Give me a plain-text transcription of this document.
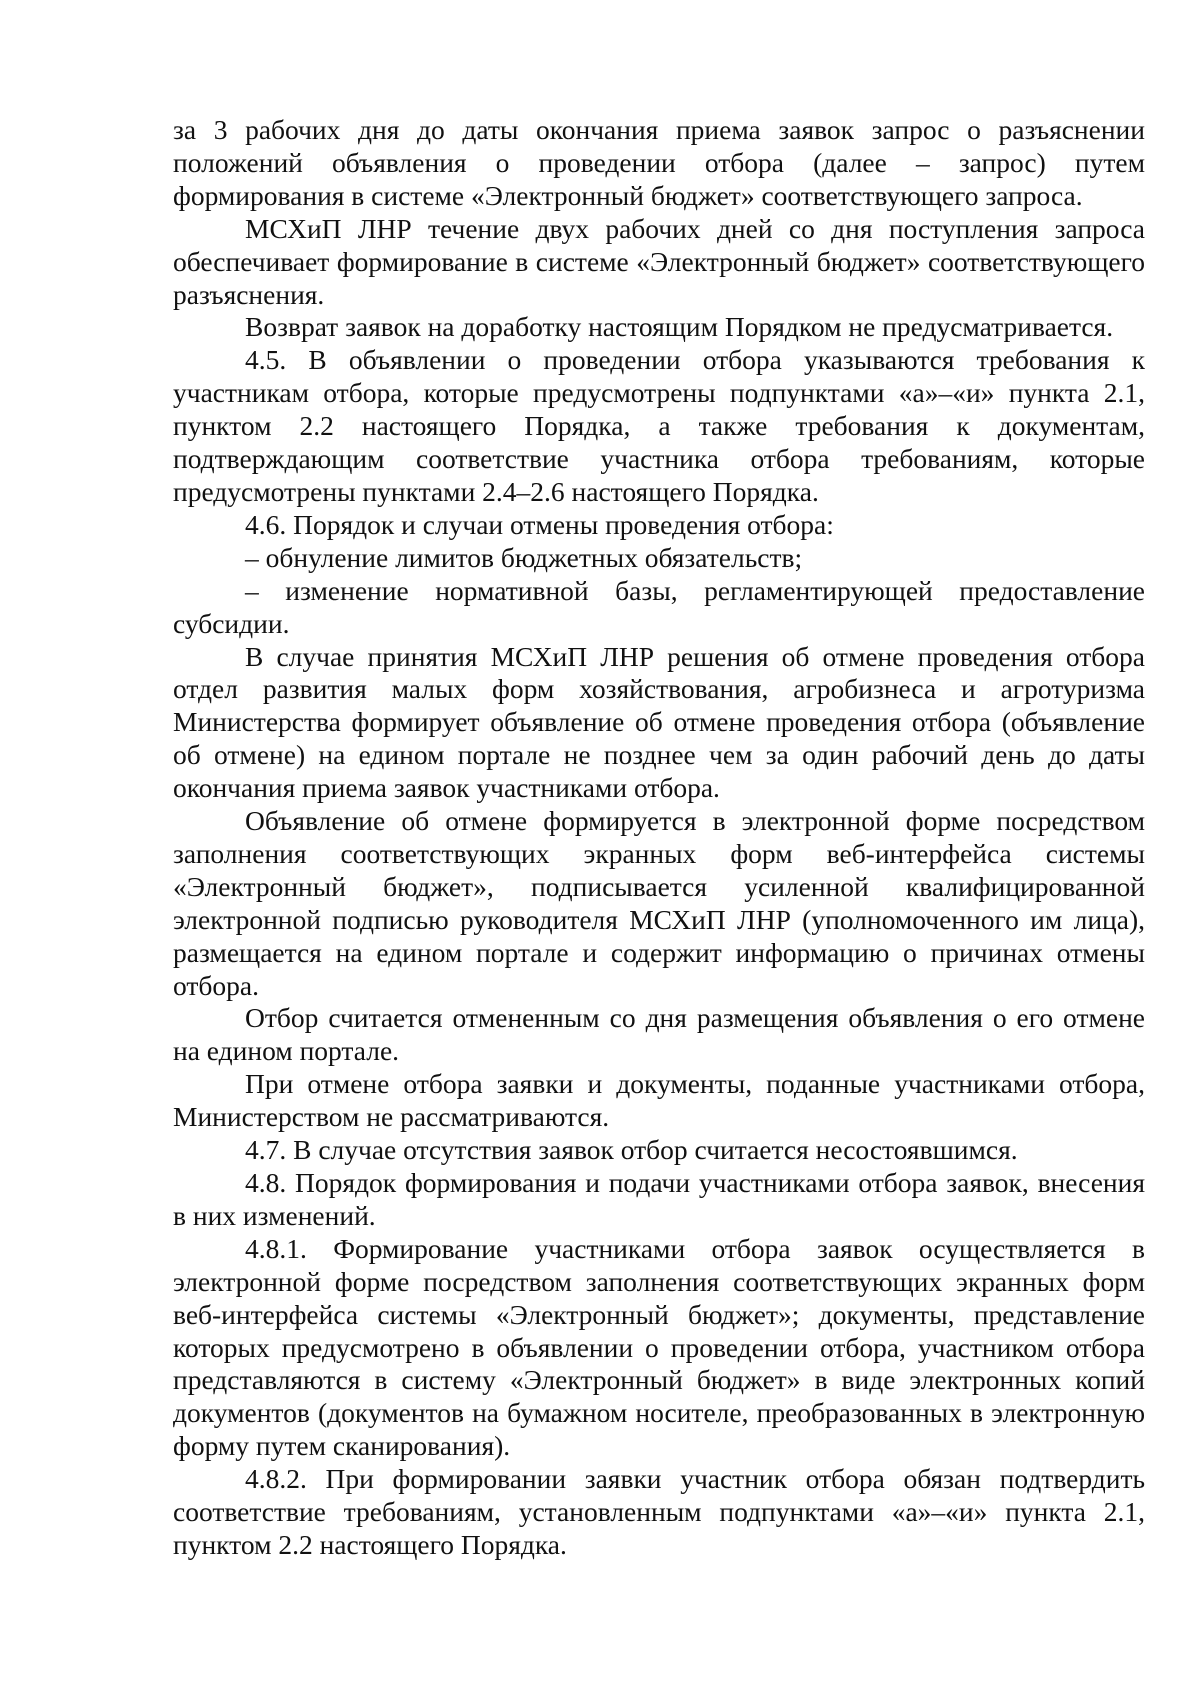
за 3 рабочих дня до даты окончания приема заявок запрос о разъяснении положений объявления о проведении отбора (далее – запрос) путем формирования в системе «Электронный бюджет» соответствующего запроса.

МСХиП ЛНР течение двух рабочих дней со дня поступления запроса обеспечивает формирование в системе «Электронный бюджет» соответствующего разъяснения.

Возврат заявок на доработку настоящим Порядком не предусматривается.

4.5. В объявлении о проведении отбора указываются требования к участникам отбора, которые предусмотрены подпунктами «а»–«и» пункта 2.1, пунктом 2.2 настоящего Порядка, а также требования к документам, подтверждающим соответствие участника отбора требованиям, которые предусмотрены пунктами 2.4–2.6 настоящего Порядка.

4.6. Порядок и случаи отмены проведения отбора:

– обнуление лимитов бюджетных обязательств;

– изменение нормативной базы, регламентирующей предоставление субсидии.

В случае принятия МСХиП ЛНР решения об отмене проведения отбора отдел развития малых форм хозяйствования, агробизнеса и агротуризма Министерства формирует объявление об отмене проведения отбора (объявление об отмене) на едином портале не позднее чем за один рабочий день до даты окончания приема заявок участниками отбора.

Объявление об отмене формируется в электронной форме посредством заполнения соответствующих экранных форм веб-интерфейса системы «Электронный бюджет», подписывается усиленной квалифицированной электронной подписью руководителя МСХиП ЛНР (уполномоченного им лица), размещается на едином портале и содержит информацию о причинах отмены отбора.

Отбор считается отмененным со дня размещения объявления о его отмене на едином портале.

При отмене отбора заявки и документы, поданные участниками отбора, Министерством не рассматриваются.

4.7. В случае отсутствия заявок отбор считается несостоявшимся.

4.8. Порядок формирования и подачи участниками отбора заявок, внесения в них изменений.

4.8.1. Формирование участниками отбора заявок осуществляется в электронной форме посредством заполнения соответствующих экранных форм веб-интерфейса системы «Электронный бюджет»; документы, представление которых предусмотрено в объявлении о проведении отбора, участником отбора представляются в систему «Электронный бюджет» в виде электронных копий документов (документов на бумажном носителе, преобразованных в электронную форму путем сканирования).

4.8.2. При формировании заявки участник отбора обязан подтвердить соответствие требованиям, установленным подпунктами «а»–«и» пункта 2.1, пунктом 2.2 настоящего Порядка.
